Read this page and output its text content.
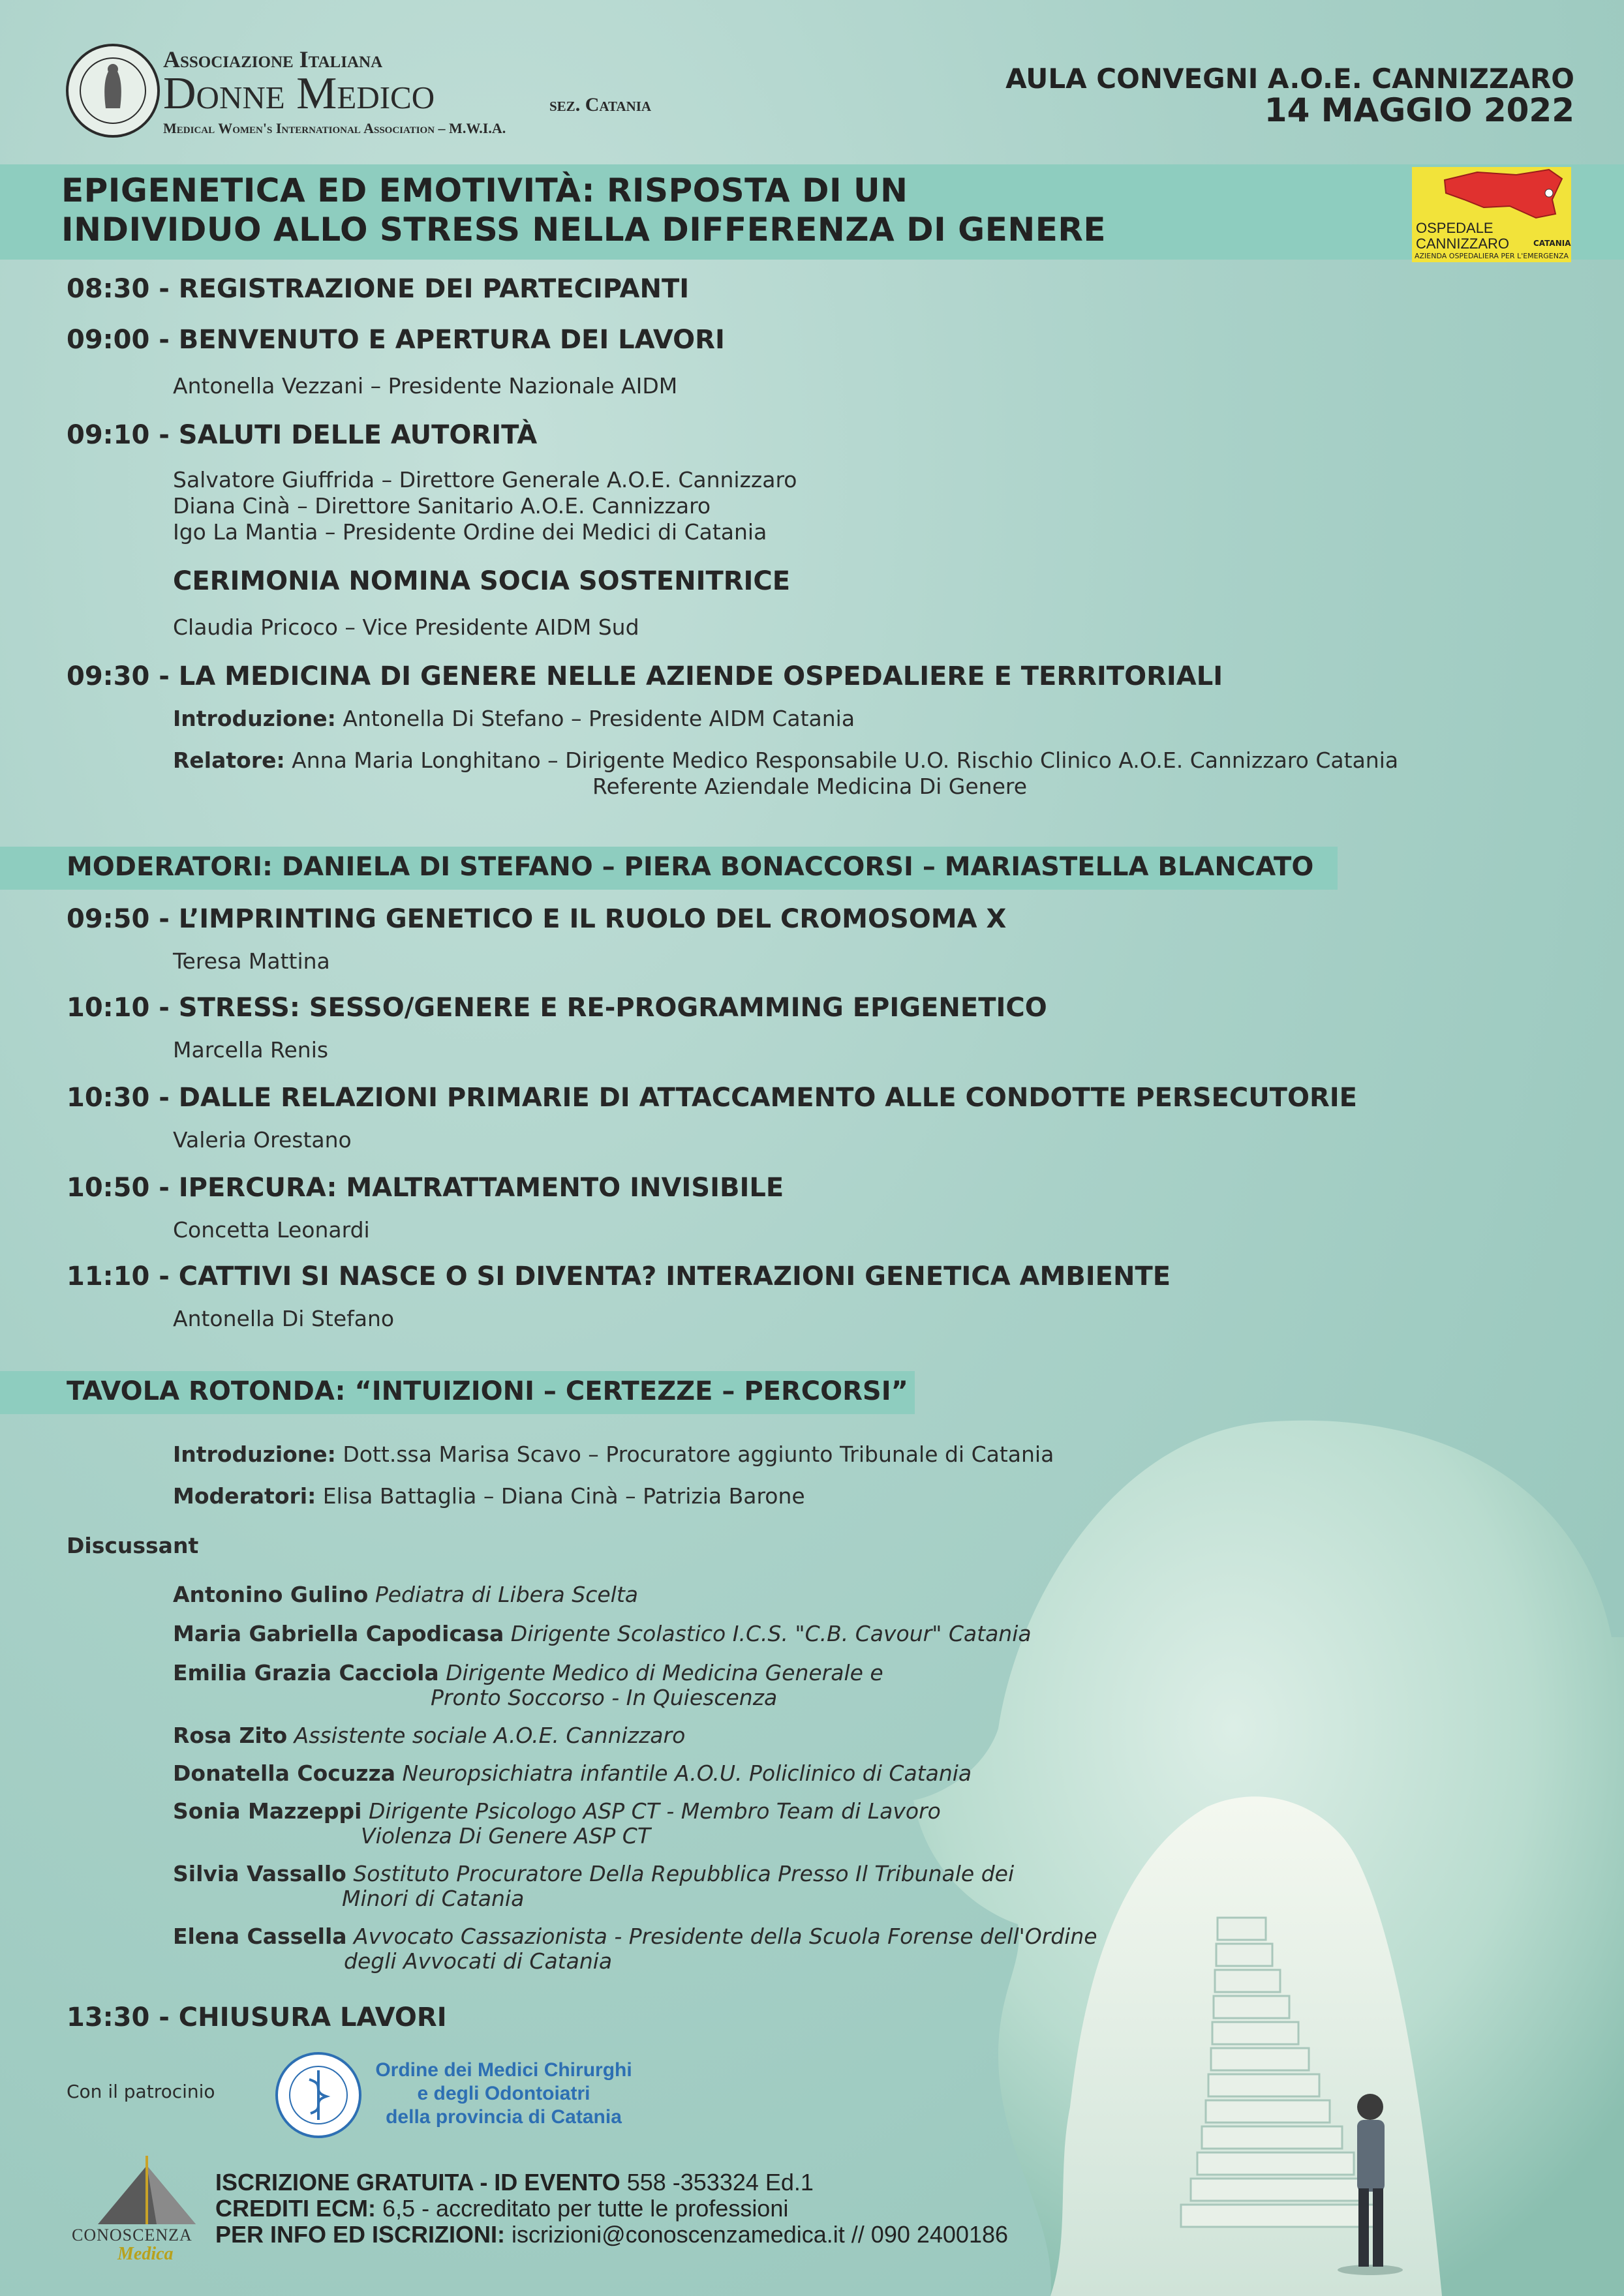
Associazione Italiana
Donne Medico	sez. Catania
Medical Women's International Association – M.W.I.A.
AULA CONVEGNI A.O.E. CANNIZZARO
14 MAGGIO 2022
EPIGENETICA ED EMOTIVITÀ: RISPOSTA DI UN
INDIVIDUO ALLO STRESS NELLA DIFFERENZA DI GENERE	OSPEDALE
CANNIZZARO	CATANIA
AZIENDA OSPEDALIERA PER L'EMERGENZA
08:30 - REGISTRAZIONE DEI PARTECIPANTI
09:00 - BENVENUTO E APERTURA DEI LAVORI
Antonella Vezzani – Presidente Nazionale AIDM
09:10 - SALUTI DELLE AUTORITÀ
Salvatore Giuffrida – Direttore Generale A.O.E. Cannizzaro
Diana Cinà – Direttore Sanitario A.O.E. Cannizzaro
Igo La Mantia – Presidente Ordine dei Medici di Catania
CERIMONIA NOMINA SOCIA SOSTENITRICE
Claudia Pricoco – Vice Presidente AIDM Sud
09:30 - LA MEDICINA DI GENERE NELLE AZIENDE OSPEDALIERE E TERRITORIALI
Introduzione: Antonella Di Stefano – Presidente AIDM Catania
Relatore: Anna Maria Longhitano – Dirigente Medico Responsabile U.O. Rischio Clinico A.O.E. Cannizzaro Catania
Referente Aziendale Medicina Di Genere
MODERATORI: DANIELA DI STEFANO – PIERA BONACCORSI – MARIASTELLA BLANCATO
09:50 - L’IMPRINTING GENETICO E IL RUOLO DEL CROMOSOMA X
Teresa Mattina
10:10 - STRESS: SESSO/GENERE E RE-PROGRAMMING EPIGENETICO
Marcella Renis
10:30 - DALLE RELAZIONI PRIMARIE DI ATTACCAMENTO ALLE CONDOTTE PERSECUTORIE
Valeria Orestano
10:50 - IPERCURA: MALTRATTAMENTO INVISIBILE
Concetta Leonardi
11:10 - CATTIVI SI NASCE O SI DIVENTA? INTERAZIONI GENETICA AMBIENTE
Antonella Di Stefano
TAVOLA ROTONDA: “INTUIZIONI – CERTEZZE – PERCORSI”
Introduzione: Dott.ssa Marisa Scavo – Procuratore aggiunto Tribunale di Catania
Moderatori: Elisa Battaglia – Diana Cinà – Patrizia Barone
Discussant
Antonino Gulino Pediatra di Libera Scelta
Maria Gabriella Capodicasa Dirigente Scolastico I.C.S. "C.B. Cavour" Catania
Emilia Grazia Cacciola Dirigente Medico di Medicina Generale e
Pronto Soccorso - In Quiescenza
Rosa Zito Assistente sociale A.O.E. Cannizzaro
Donatella Cocuzza Neuropsichiatra infantile A.O.U. Policlinico di Catania
Sonia Mazzeppi Dirigente Psicologo ASP CT - Membro Team di Lavoro
Violenza Di Genere ASP CT
Silvia Vassallo Sostituto Procuratore Della Repubblica Presso Il Tribunale dei
Minori di Catania
Elena Cassella Avvocato Cassazionista - Presidente della Scuola Forense dell'Ordine
degli Avvocati di Catania
13:30 - CHIUSURA LAVORI
Con il patrocinio
Ordine dei Medici Chirurghi
e degli Odontoiatri
della provincia di Catania
CONOSCENZA
Medica
ISCRIZIONE GRATUITA - ID EVENTO 558 -353324 Ed.1
CREDITI ECM: 6,5 - accreditato per tutte le professioni
PER INFO ED ISCRIZIONI: iscrizioni@conoscenzamedica.it // 090 2400186
